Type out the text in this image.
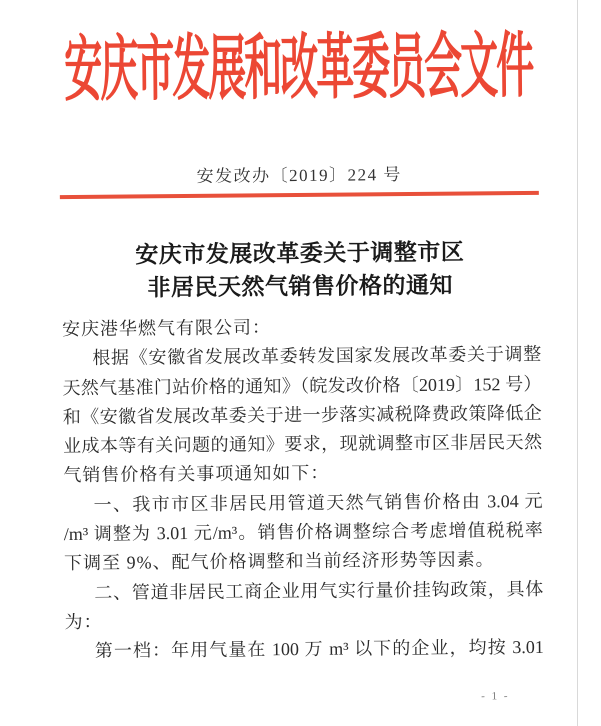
安庆市发展和改革委员会文件
安发改办〔2019〕224 号
安庆市发展改革委关于调整市区
非居民天然气销售价格的通知
安庆港华燃气有限公司：
根据《安徽省发展改革委转发国家发展改革委关于调整
天然气基准门站价格的通知》（皖发改价格〔2019〕152 号）
和《安徽省发展改革委关于进一步落实减税降费政策降低企
业成本等有关问题的通知》要求，现就调整市区非居民天然
气销售价格有关事项通知如下：
一、我市市区非居民用管道天然气销售价格由 3.04 元
/m³ 调整为 3.01 元/m³。销售价格调整综合考虑增值税税率
下调至 9%、配气价格调整和当前经济形势等因素。
二、管道非居民工商企业用气实行量价挂钩政策，具体
为：
第一档：年用气量在 100 万 m³ 以下的企业，均按 3.01
- 1 -
